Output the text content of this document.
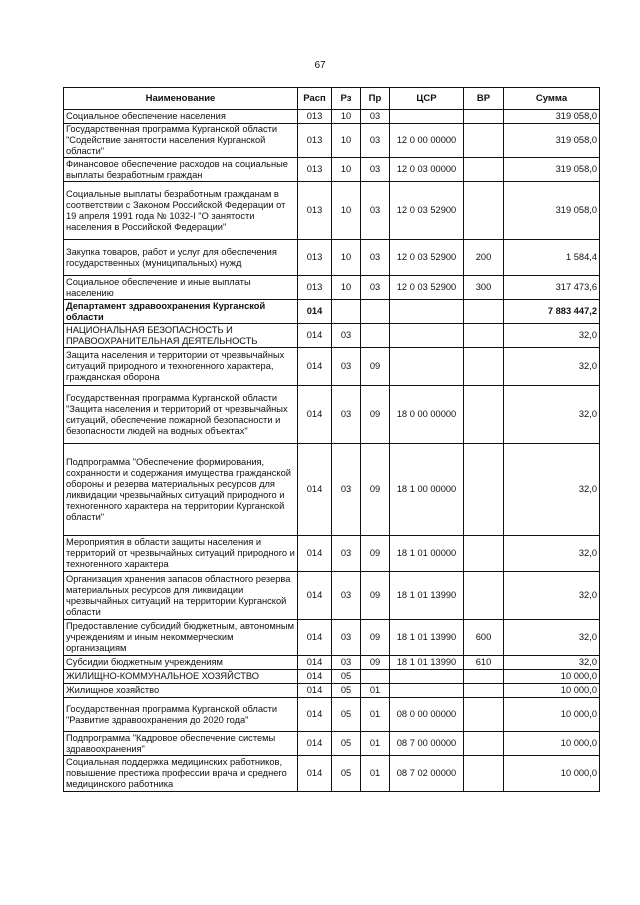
67
Наименование	Расп	Рз	Пр	ЦСР	ВР	Сумма
Социальное обеспечение населения	013	10	03			319 058,0
Государственная программа Курганской области "Содействие занятости населения Курганской области"	013	10	03	12 0 00 00000		319 058,0
Финансовое обеспечение расходов на социальные выплаты безработным граждан	013	10	03	12 0 03 00000		319 058,0
Социальные выплаты безработным гражданам в соответствии с Законом Российской Федерации от 19 апреля 1991 года № 1032-I "О занятости населения в Российской Федерации"	013	10	03	12 0 03 52900		319 058,0
Закупка товаров, работ и услуг для обеспечения государственных (муниципальных) нужд	013	10	03	12 0 03 52900	200	1 584,4
Социальное обеспечение и иные выплаты населению	013	10	03	12 0 03 52900	300	317 473,6
Департамент здравоохранения Курганской области	014					7 883 447,2
НАЦИОНАЛЬНАЯ БЕЗОПАСНОСТЬ И ПРАВООХРАНИТЕЛЬНАЯ ДЕЯТЕЛЬНОСТЬ	014	03				32,0
Защита населения и территории от чрезвычайных ситуаций природного и техногенного характера, гражданская оборона	014	03	09			32,0
Государственная программа Курганской области "Защита населения и территорий от чрезвычайных ситуаций, обеспечение пожарной безопасности и безопасности людей на водных объектах"	014	03	09	18 0 00 00000		32,0
Подпрограмма "Обеспечение формирования, сохранности и содержания имущества гражданской обороны и резерва материальных ресурсов для ликвидации чрезвычайных ситуаций природного и техногенного характера на территории Курганской области"	014	03	09	18 1 00 00000		32,0
Мероприятия в области защиты населения и территорий от чрезвычайных ситуаций природного и техногенного характера	014	03	09	18 1 01 00000		32,0
Организация хранения запасов областного резерва материальных ресурсов для ликвидации чрезвычайных ситуаций на территории Курганской области	014	03	09	18 1 01 13990		32,0
Предоставление субсидий бюджетным, автономным учреждениям и иным некоммерческим организациям	014	03	09	18 1 01 13990	600	32,0
Субсидии бюджетным учреждениям	014	03	09	18 1 01 13990	610	32,0
ЖИЛИЩНО-КОММУНАЛЬНОЕ ХОЗЯЙСТВО	014	05				10 000,0
Жилищное хозяйство	014	05	01			10 000,0
Государственная программа Курганской области "Развитие здравоохранения до 2020 года"	014	05	01	08 0 00 00000		10 000,0
Подпрограмма "Кадровое обеспечение системы здравоохранения"	014	05	01	08 7 00 00000		10 000,0
Социальная поддержка медицинских работников, повышение престижа профессии врача и среднего медицинского работника	014	05	01	08 7 02 00000		10 000,0
